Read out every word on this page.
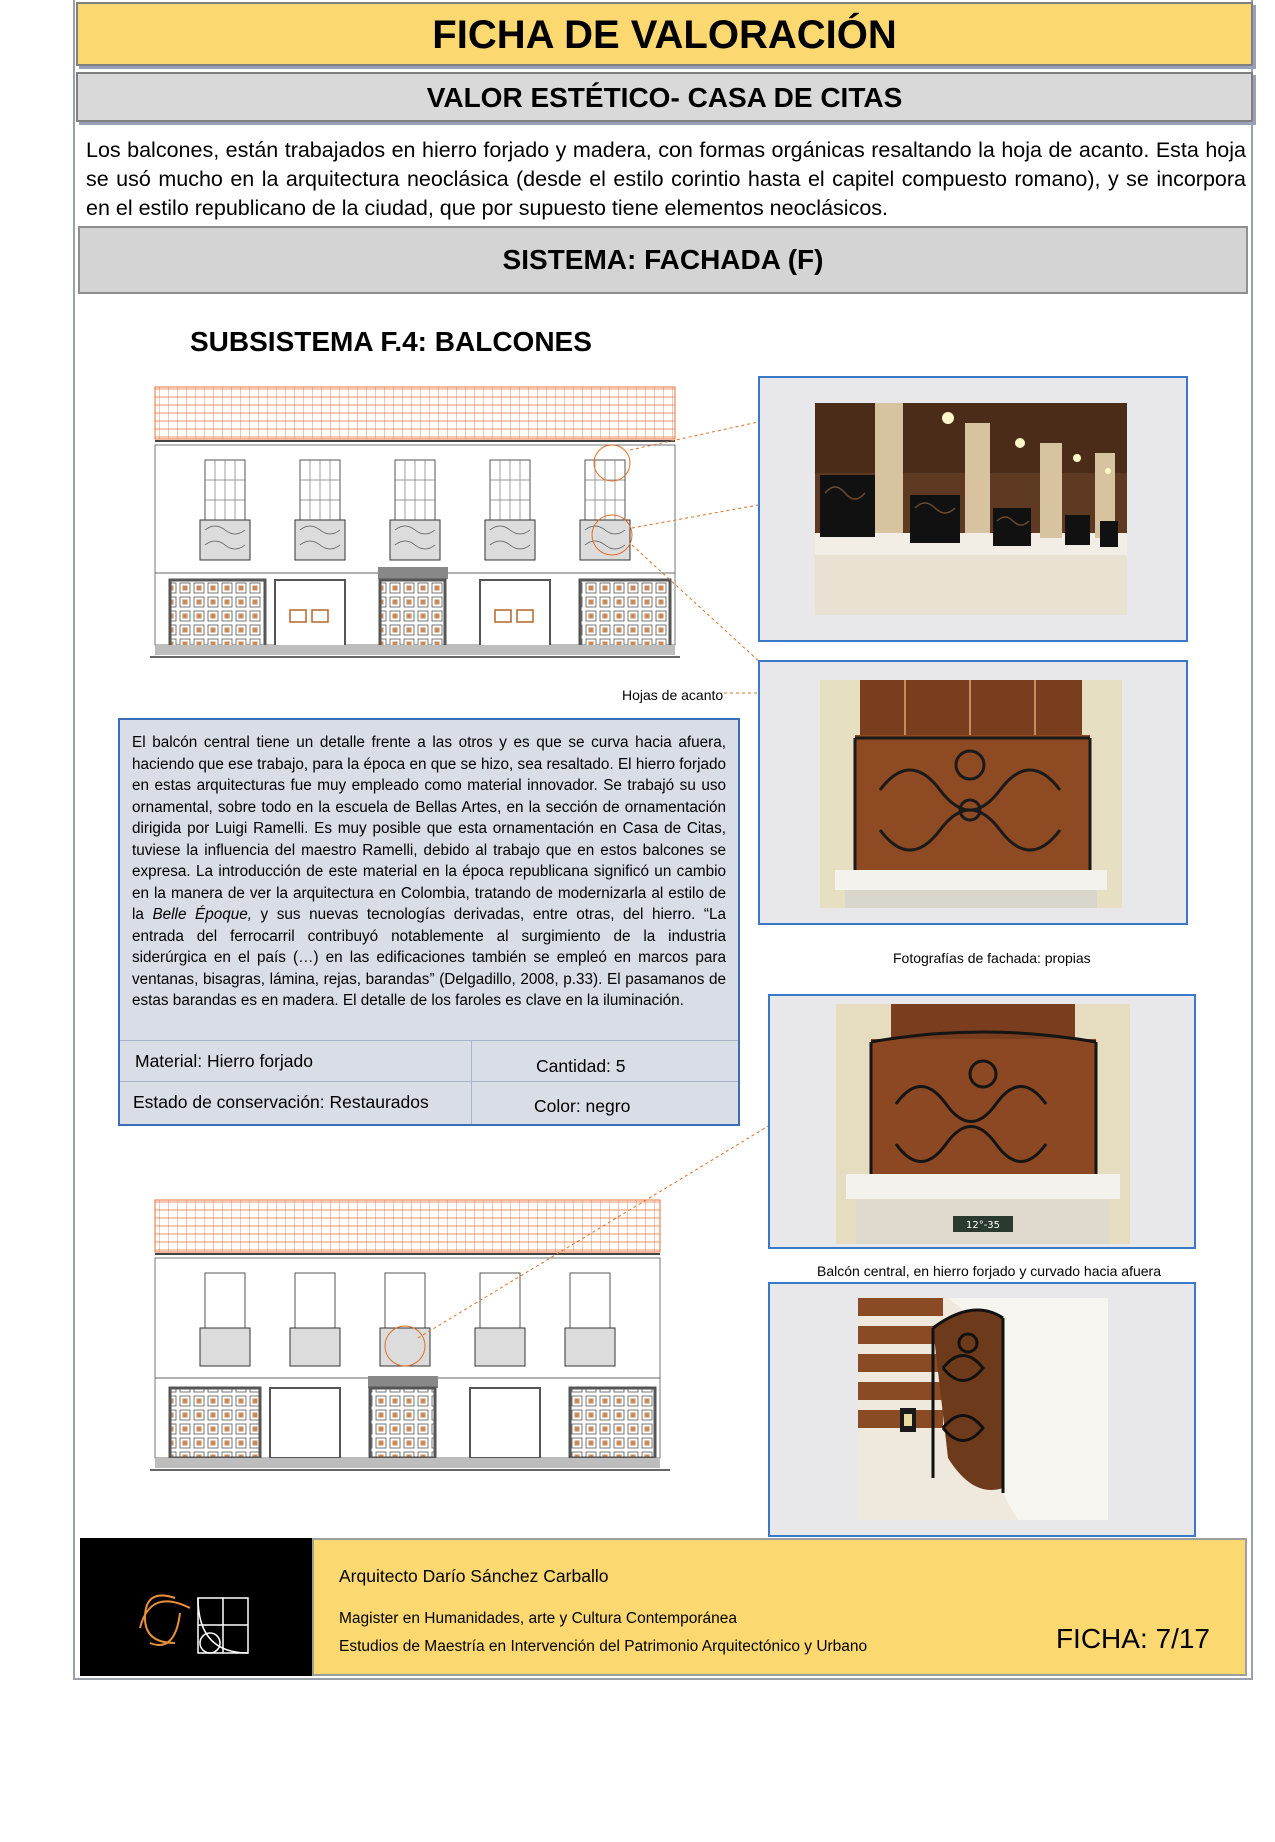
FICHA DE VALORACIÓN
VALOR ESTÉTICO- CASA DE CITAS
Los balcones, están trabajados en hierro forjado y madera, con formas orgánicas resaltando la hoja de acanto. Esta hoja se usó mucho en la arquitectura neoclásica (desde el estilo corintio hasta el capitel compuesto romano), y se incorpora en el estilo republicano de la ciudad, que por supuesto tiene elementos neoclásicos.
SISTEMA: FACHADA (F)
SUBSISTEMA F.4: BALCONES
Hojas de acanto
Fotografías de fachada: propias
12°-35
Balcón central, en hierro forjado y curvado hacia afuera
El balcón central tiene un detalle frente a las otros y es que se curva hacia afuera, haciendo que ese trabajo, para la época en que se hizo, sea resaltado. El hierro forjado en estas arquitecturas fue muy empleado como material innovador. Se trabajó su uso ornamental, sobre todo en la escuela de Bellas Artes, en la sección de ornamentación dirigida por Luigi Ramelli. Es muy posible que esta ornamentación en Casa de Citas, tuviese la influencia del maestro Ramelli, debido al trabajo que en estos balcones se expresa. La introducción de este material en la época republicana significó un cambio en la manera de ver la arquitectura en Colombia, tratando de modernizarla al estilo de la Belle Époque, y sus nuevas tecnologías derivadas, entre otras, del hierro. “La entrada del ferrocarril contribuyó notablemente al surgimiento de la industria siderúrgica en el país (…) en las edificaciones también se empleó en marcos para ventanas, bisagras, lámina, rejas, barandas” (Delgadillo, 2008, p.33). El pasamanos de estas barandas es en madera. El detalle de los faroles es clave en la iluminación.
Material: Hierro forjado	Cantidad: 5
Estado de conservación: Restaurados	Color: negro
Arquitecto Darío Sánchez Carballo
Magister en Humanidades, arte y Cultura Contemporánea
Estudios de Maestría en Intervención del Patrimonio Arquitectónico y Urbano	FICHA: 7/17
